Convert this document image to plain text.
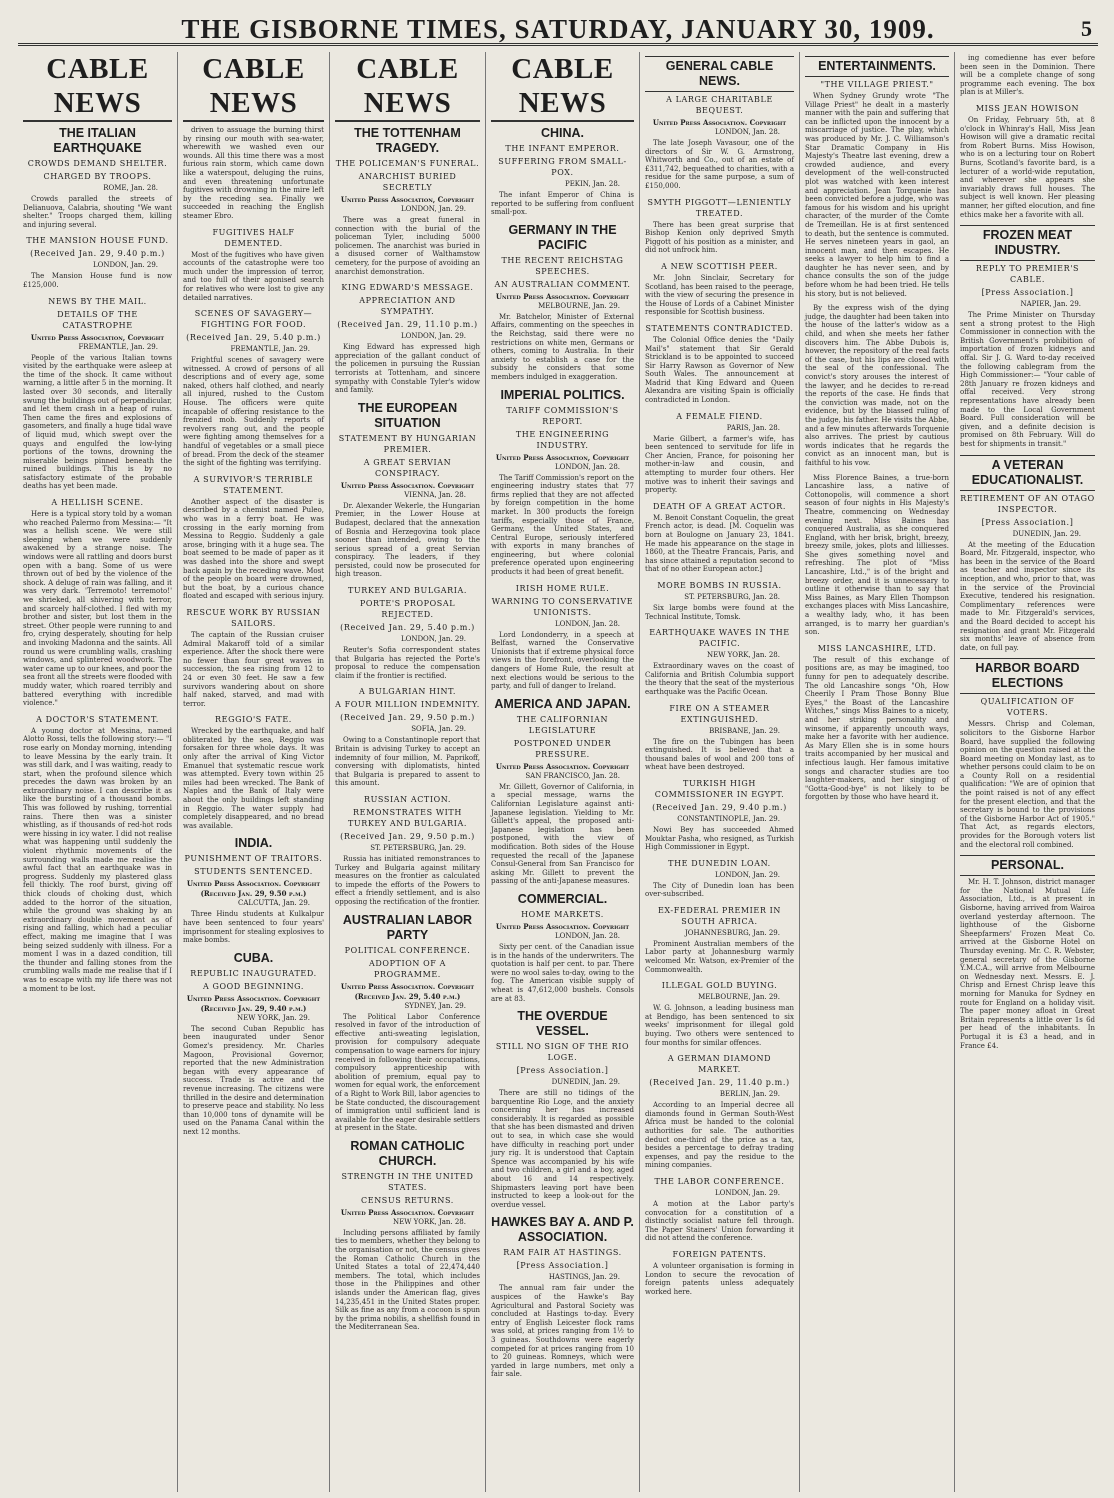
THE GISBORNE TIMES, SATURDAY, JANUARY 30, 1909.	5
CABLE NEWS
THE ITALIAN EARTHQUAKE
CROWDS DEMAND SHELTER.
CHARGED BY TROOPS.
ROME, Jan. 28.

Crowds paralled the streets of Delianuova, Calabria, shouting "We want shelter." Troops charged them, killing and injuring several.

THE MANSION HOUSE FUND.
(Received Jan. 29, 9.40 p.m.)
LONDON, Jan. 29.

The Mansion House fund is now £125,000.

NEWS BY THE MAIL.
DETAILS OF THE CATASTROPHE
United Press Association, Copyright
FREMANTLE, Jan. 29.

People of the various Italian towns visited by the earthquake were asleep at the time of the shock. It came without warning, a little after 5 in the morning. It lasted over 30 seconds, and literally swung the buildings out of perpendicular, and let them crash in a heap of ruins. Then came the fires and explosions of gasometers, and finally a huge tidal wave of liquid mud, which swept over the quays and engulfed the low-lying portions of the towns, drowning the miserable beings pinned beneath the ruined buildings. This is by no satisfactory estimate of the probable deaths has yet been made.

A HELLISH SCENE.

Here is a typical story told by a woman who reached Palermo from Messina:— "It was a hellish scene. We were still sleeping when we were suddenly awakened by a strange noise. The windows were all rattling and doors burst open with a bang. Some of us were thrown out of bed by the violence of the shock. A deluge of rain was falling, and it was very dark. 'Terremoto! terremoto!' we shrieked, all shivering with terror, and scarcely half-clothed. I fled with my brother and sister, but lost them in the street. Other people were running to and fro, crying desperately, shouting for help and invoking Madonna and the saints. All round us were crumbling walls, crashing windows, and splintered woodwork. The water came up to our knees, and poor the sea front all the streets were flooded with muddy water, which roared terribly and battered everything with incredible violence."

A DOCTOR'S STATEMENT.

A young doctor at Messina, named Alotto Rossi, tells the following story:— "I rose early on Monday morning, intending to leave Messina by the early train. It was still dark, and I was waiting, ready to start, when the profound silence which precedes the dawn was broken by an extraordinary noise. I can describe it as like the bursting of a thousand bombs. This was followed by rushing, torrential rains. There then was a sinister whistling, as if thousands of red-hot rods were hissing in icy water. I did not realise what was happening until suddenly the violent rhythmic movements of the surrounding walls made me realise the awful fact that an earthquake was in progress. Suddenly my plastered glass fell thickly. The roof burst, giving off thick clouds of choking dust, which added to the horror of the situation, while the ground was shaking by an extraordinary double movement as of rising and falling, which had a peculiar effect, making me imagine that I was being seized suddenly with illness. For a moment I was in a dazed condition, till the thunder and falling stones from the crumbling walls made me realise that if I was to escape with my life there was not a moment to be lost.

CABLE NEWS

driven to assuage the burning thirst by rinsing our mouth with sea-water, wherewith we washed even our wounds. All this time there was a most furious rain storm, which came down like a waterspout, deluging the ruins, and even threatening unfortunate fugitives with drowning in the mire left by the receding sea. Finally we succeeded in reaching the English steamer Ebro.

FUGITIVES HALF DEMENTED.

Most of the fugitives who have given accounts of the catastrophe were too much under the impression of terror, and too full of their agonised search for relatives who were lost to give any detailed narratives.

SCENES OF SAVAGERY—FIGHTING FOR FOOD.
(Received Jan. 29, 5.40 p.m.)
FREMANTLE, Jan. 29.

Frightful scenes of savagery were witnessed. A crowd of persons of all descriptions and of every age, some naked, others half clothed, and nearly all injured, rushed to the Custom House. The officers were quite incapable of offering resistance to the frenzied mob. Suddenly reports of revolvers rang out, and the people were fighting among themselves for a handful of vegetables or a small piece of bread. From the deck of the steamer the sight of the fighting was terrifying.

A SURVIVOR'S TERRIBLE STATEMENT.

Another aspect of the disaster is described by a chemist named Puleo, who was in a ferry boat. He was crossing in the early morning from Messina to Reggio. Suddenly a gale arose, bringing with it a huge sea. The boat seemed to be made of paper as it was dashed into the shore and swept back again by the receding wave. Most of the people on board were drowned, but the boat, by a curious chance floated and escaped with serious injury.

RESCUE WORK BY RUSSIAN SAILORS.

The captain of the Russian cruiser Admiral Makaroff told of a similar experience. After the shock there were no fewer than four great waves in succession, the sea rising from 12 to 24 or even 30 feet. He saw a few survivors wandering about on shore half naked, starved, and mad with terror.

REGGIO'S FATE.

Wrecked by the earthquake, and half obliterated by the sea, Reggio was forsaken for three whole days. It was only after the arrival of King Victor Emanuel that systematic rescue work was attempted. Every town within 25 miles had been wrecked. The Bank of Naples and the Bank of Italy were about the only buildings left standing in Reggio. The water supply had completely disappeared, and no bread was available.

INDIA.
PUNISHMENT OF TRAITORS.
STUDENTS SENTENCED.
United Press Association. Copyright (Received Jan. 29, 9.50 p.m.)
CALCUTTA, Jan. 29.

Three Hindu students at Kulkalpur have been sentenced to four years' imprisonment for stealing explosives to make bombs.

CUBA.
REPUBLIC INAUGURATED.
A GOOD BEGINNING.
United Press Association. Copyright (Received Jan. 29, 9.40 p.m.)
NEW YORK, Jan. 29.

The second Cuban Republic has been inaugurated under Senor Gomez's presidency. Mr. Charles Magoon, Provisional Governor, reported that the new Administration began with every appearance of success. Trade is active and the revenue increasing. The citizens were thrilled in the desire and determination to preserve peace and stability. No less than 10,000 tons of dynamite will be used on the Panama Canal within the next 12 months.

CABLE NEWS
THE TOTTENHAM TRAGEDY.
THE POLICEMAN'S FUNERAL.
ANARCHIST BURIED SECRETLY
United Press Association, Copyright
LONDON, Jan. 29.

There was a great funeral in connection with the burial of the policeman Tyler, including 5000 policemen. The anarchist was buried in a disused corner of Walthamstow cemetery, for the purpose of avoiding an anarchist demonstration.

KING EDWARD'S MESSAGE.
APPRECIATION AND SYMPATHY.
(Received Jan. 29, 11.10 p.m.)
LONDON, Jan. 29.

King Edward has expressed high appreciation of the gallant conduct of the policemen in pursuing the Russian terrorists at Tottenham, and sincere sympathy with Constable Tyler's widow and family.

THE EUROPEAN SITUATION
STATEMENT BY HUNGARIAN PREMIER.
A GREAT SERVIAN CONSPIRACY.
United Press Association. Copyright
VIENNA, Jan. 28.

Dr. Alexander Wekerle, the Hungarian Premier, in the Lower House at Budapest, declared that the annexation of Bosnia and Herzegovina took place sooner than intended, owing to the serious spread of a great Servian conspiracy. The leaders, if they persisted, could now be prosecuted for high treason.

TURKEY AND BULGARIA.
PORTE'S PROPOSAL REJECTED.
(Received Jan. 29, 5.40 p.m.)
LONDON, Jan. 29.

Reuter's Sofia correspondent states that Bulgaria has rejected the Porte's proposal to reduce the compensation claim if the frontier is rectified.

A BULGARIAN HINT.
A FOUR MILLION INDEMNITY.
(Received Jan. 29, 9.50 p.m.)
SOFIA, Jan. 29.

Owing to a Constantinople report that Britain is advising Turkey to accept an indemnity of four million, M. Paprikoff, conversing with diplomatists, hinted that Bulgaria is prepared to assent to this amount.

RUSSIAN ACTION.
REMONSTRATES WITH TURKEY AND BULGARIA.
(Received Jan. 29, 9.50 p.m.)
ST. PETERSBURG, Jan. 29.

Russia has initiated remonstrances to Turkey and Bulgaria against military measures on the frontier as calculated to impede the efforts of the Powers to effect a friendly settlement, and is also opposing the rectification of the frontier.

AUSTRALIAN LABOR PARTY
POLITICAL CONFERENCE.
ADOPTION OF A PROGRAMME.
United Press Association. Copyright (Received Jan. 29, 5.40 p.m.)
SYDNEY, Jan. 29.

The Political Labor Conference resolved in favor of the introduction of effective anti-sweating legislation, provision for compulsory adequate compensation to wage earners for injury received in following their occupations, compulsory apprenticeship with abolition of premium, equal pay to women for equal work, the enforcement of a Right to Work Bill, labor agencies to be State conducted, the discouragement of immigration until sufficient land is available for the eager desirable settlers at present in the State.

ROMAN CATHOLIC CHURCH.
STRENGTH IN THE UNITED STATES.
CENSUS RETURNS.
United Press Association. Copyright
NEW YORK, Jan. 28.

Including persons affiliated by family ties to members, whether they belong to the organisation or not, the census gives the Roman Catholic Church in the United States a total of 22,474,440 members. The total, which includes those in the Philippines and other islands under the American flag, gives 14,235,451 in the United States proper. Silk as fine as any from a cocoon is spun by the prima nobilis, a shellfish found in the Mediterranean Sea.

CABLE NEWS
CHINA.
THE INFANT EMPEROR.
SUFFERING FROM SMALL-POX.
PEKIN, Jan. 28.

The infant Emperor of China is reported to be suffering from confluent small-pox.

GERMANY IN THE PACIFIC
THE RECENT REICHSTAG SPEECHES.
AN AUSTRALIAN COMMENT.
United Press Association. Copyright
MELBOURNE, Jan. 29.

Mr. Batchelor, Minister of External Affairs, commenting on the speeches in the Reichstag, said there were no restrictions on white men, Germans or others, coming to Australia. In their anxiety to establish a case for the subsidy he considers that some members indulged in exaggeration.

IMPERIAL POLITICS.
TARIFF COMMISSION'S REPORT.
THE ENGINEERING INDUSTRY.
United Press Association, Copyright
LONDON, Jan. 28.

The Tariff Commission's report on the engineering industry states that 77 firms replied that they are not affected by foreign competition in the home market. In 300 products the foreign tariffs, especially those of France, Germany, the United States, and Central Europe, seriously interfered with exports in many branches of engineering, but where colonial preference operated upon engineering products it had been of great benefit.

IRISH HOME RULE.
WARNING TO CONSERVATIVE UNIONISTS.
LONDON, Jan. 28.

Lord Londonderry, in a speech at Belfast, warned the Conservative Unionists that if extreme physical force views in the forefront, overlooking the dangers of Home Rule, the result at next elections would be serious to the party, and full of danger to Ireland.

AMERICA AND JAPAN.
THE CALIFORNIAN LEGISLATURE
POSTPONED UNDER PRESSURE.
United Press Association. Copyright
SAN FRANCISCO, Jan. 28.

Mr. Gillett, Governor of California, in a special message, warns the Californian Legislature against anti-Japanese legislation. Yielding to Mr. Gillett's appeal, the proposed anti-Japanese legislation has been postponed, with the view of modification. Both sides of the House requested the recall of the Japanese Consul-General from San Francisco for asking Mr. Gillett to prevent the passing of the anti-Japanese measures.

COMMERCIAL.
HOME MARKETS.
United Press Association. Copyright
LONDON, Jan. 28.

Sixty per cent. of the Canadian issue is in the hands of the underwriters. The quotation is half per cent. to par. There were no wool sales to-day, owing to the fog. The American visible supply of wheat is 47,612,000 bushels. Consols are at 83.

THE OVERDUE VESSEL.
STILL NO SIGN OF THE RIO LOGE.
[Press Association.]
DUNEDIN, Jan. 29.

There are still no tidings of the barquentine Rio Loge, and the anxiety concerning her has increased considerably. It is regarded as possible that she has been dismasted and driven out to sea, in which case she would have difficulty in reaching port under jury rig. It is understood that Captain Spence was accompanied by his wife and two children, a girl and a boy, aged about 16 and 14 respectively. Shipmasters leaving port have been instructed to keep a look-out for the overdue vessel.

HAWKES BAY A. AND P. ASSOCIATION.
RAM FAIR AT HASTINGS.
[Press Association.]
HASTINGS, Jan. 29.

The annual ram fair under the auspices of the Hawke's Bay Agricultural and Pastoral Society was concluded at Hastings to-day. Every entry of English Leicester flock rams was sold, at prices ranging from 1½ to 3 guineas. Southdowns were eagerly competed for at prices ranging from 10 to 20 guineas. Romneys, which were yarded in large numbers, met only a fair sale.

GENERAL CABLE NEWS.
A LARGE CHARITABLE BEQUEST.
United Press Association. Copyright
LONDON, Jan. 28.

The late Joseph Vavasour, one of the directors of Sir W. G. Armstrong, Whitworth and Co., out of an estate of £311,742, bequeathed to charities, with a residue for the same purpose, a sum of £150,000.

SMYTH PIGGOTT—LENIENTLY TREATED.

There has been great surprise that Bishop Kenion only deprived Smyth Piggott of his position as a minister, and did not unfrock him.

A NEW SCOTTISH PEER.

Mr. John Sinclair, Secretary for Scotland, has been raised to the peerage, with the view of securing the presence in the House of Lords of a Cabinet Minister responsible for Scottish business.

STATEMENTS CONTRADICTED.

The Colonial Office denies the "Daily Mail's" statement that Sir Gerald Strickland is to be appointed to succeed Sir Harry Rawson as Governor of New South Wales. The announcement at Madrid that King Edward and Queen Alexandra are visiting Spain is officially contradicted in London.

A FEMALE FIEND.
PARIS, Jan. 28.

Marie Gilbert, a farmer's wife, has been sentenced to servitude for life in Cher Ancien, France, for poisoning her mother-in-law and cousin, and attempting to murder four others. Her motive was to inherit their savings and property.

DEATH OF A GREAT ACTOR.

M. Benoit Constant Coquelin, the great French actor, is dead. [M. Coquelin was born at Boulogne on January 23, 1841. He made his appearance on the stage in 1860, at the Theatre Francais, Paris, and has since attained a reputation second to that of no other European actor.]

MORE BOMBS IN RUSSIA.
ST. PETERSBURG, Jan. 28.

Six large bombs were found at the Technical Institute, Tomsk.

EARTHQUAKE WAVES IN THE PACIFIC.
NEW YORK, Jan. 28.

Extraordinary waves on the coast of California and British Columbia support the theory that the seat of the mysterious earthquake was the Pacific Ocean.

FIRE ON A STEAMER EXTINGUISHED.
BRISBANE, Jan. 29.

The fire on the Tubingen has been extinguished. It is believed that a thousand bales of wool and 200 tons of wheat have been destroyed.

TURKISH HIGH COMMISSIONER IN EGYPT.
(Received Jan. 29, 9.40 p.m.)
CONSTANTINOPLE, Jan. 29.

Nowi Bey has succeeded Ahmed Mouktar Pasha, who resigned, as Turkish High Commissioner in Egypt.

THE DUNEDIN LOAN.
LONDON, Jan. 29.

The City of Dunedin loan has been over-subscribed.

EX-FEDERAL PREMIER IN SOUTH AFRICA.
JOHANNESBURG, Jan. 29.

Prominent Australian members of the Labor party at Johannesburg warmly welcomed Mr. Watson, ex-Premier of the Commonwealth.

ILLEGAL GOLD BUYING.
MELBOURNE, Jan. 29.

W. G. Johnson, a leading business man at Bendigo, has been sentenced to six weeks' imprisonment for illegal gold buying. Two others were sentenced to four months for similar offences.

A GERMAN DIAMOND MARKET.
(Received Jan. 29, 11.40 p.m.)
BERLIN, Jan. 29.

According to an Imperial decree all diamonds found in German South-West Africa must be handed to the colonial authorities for sale. The authorities deduct one-third of the price as a tax, besides a percentage to defray trading expenses, and pay the residue to the mining companies.

THE LABOR CONFERENCE.
LONDON, Jan. 29.

A motion at the Labor party's convocation for a constitution of a distinctly socialist nature fell through. The Paper Stainers' Union forwarding it did not attend the conference.

FOREIGN PATENTS.

A volunteer organisation is forming in London to secure the revocation of foreign patents unless adequately worked here.

ENTERTAINMENTS.
"THE VILLAGE PRIEST."

When Sydney Grundy wrote "The Village Priest" he dealt in a masterly manner with the pain and suffering that can be inflicted upon the innocent by a miscarriage of justice. The play, which was produced by Mr. J. C. Williamson's Star Dramatic Company in His Majesty's Theatre last evening, drew a crowded audience, and every development of the well-constructed plot was watched with keen interest and appreciation. Jean Torquenie has been convicted before a judge, who was famous for his wisdom and his upright character, of the murder of the Comte de Tremeillan. He is at first sentenced to death, but the sentence is commuted. He serves nineteen years in gaol, an innocent man, and then escapes. He seeks a lawyer to help him to find a daughter he has never seen, and by chance consults the son of the judge before whom he had been tried. He tells his story, but is not believed.

By the express wish of the dying judge, the daughter had been taken into the house of the latter's widow as a child, and when she meets her father discovers him. The Abbe Dubois is, however, the repository of the real facts of the case, but his lips are closed with the seal of the confessional. The convict's story arouses the interest of the lawyer, and he decides to re-read the reports of the case. He finds that the conviction was made, not on the evidence, but by the biassed ruling of the judge, his father. He visits the Abbe, and a few minutes afterwards Torquenie also arrives. The priest by cautious words indicates that he regards the convict as an innocent man, but is faithful to his vow.

Miss Florence Baines, a true-born Lancashire lass, a native of Cottonopolis, will commence a short season of four nights in His Majesty's Theatre, commencing on Wednesday evening next. Miss Baines has conquered Australia, as she conquered England, with her brisk, bright, breezy, breezy smile, jokes, plots and lilliesses. She gives something novel and refreshing. The plot of "Miss Lancashire, Ltd.," is of the bright and breezy order, and it is unnecessary to outline it otherwise than to say that Miss Baines, as Mary Ellen Thompson exchanges places with Miss Lancashire, a wealthy lady, who, it has been arranged, is to marry her guardian's son.

MISS LANCASHIRE, LTD.

The result of this exchange of positions are, as may be imagined, too funny for pen to adequately describe. The old Lancashire songs "Oh, How Cheerily I Pram Those Bonny Blue Eyes," the Boast of the Lancashire Witches," sings Miss Baines to a nicety, and her striking personality and winsome, if apparently uncouth ways, make her a favorite with her audience. As Mary Ellen she is in some hours traits accompanied by her musical and infectious laugh. Her famous imitative songs and character studies are too laughter-makers, and her singing of "Gotta-Good-bye" is not likely to be forgotten by those who have heard it.

ing comedienne has ever before been seen in the Dominion. There will be a complete change of song programme each evening. The box plan is at Miller's.

MISS JEAN HOWISON

On Friday, February 5th, at 8 o'clock in Whinray's Hall, Miss Jean Howison will give a dramatic recital from Robert Burns. Miss Howison, who is on a lecturing tour on Robert Burns, Scotland's favorite bard, is a lecturer of a world-wide reputation, and wherever she appears she invariably draws full houses. The subject is well known. Her pleasing manner, her gifted elocution, and fine ethics make her a favorite with all.

FROZEN MEAT INDUSTRY.
REPLY TO PREMIER'S CABLE.
[Press Association.]
NAPIER, Jan. 29.

The Prime Minister on Thursday sent a strong protest to the High Commissioner in connection with the British Government's prohibition of importation of frozen kidneys and offal. Sir J. G. Ward to-day received the following cablegram from the High Commissioner:— "Your cable of 28th January re frozen kidneys and offal received. Very strong representations have already been made to the Local Government Board. Full consideration will be given, and a definite decision is promised on 8th February. Will do best for shipments in transit."

A VETERAN EDUCATIONALIST.
RETIREMENT OF AN OTAGO INSPECTOR.
[Press Association.]
DUNEDIN, Jan. 29.

At the meeting of the Education Board, Mr. Fitzgerald, inspector, who has been in the service of the Board as teacher and inspector since its inception, and who, prior to that, was in the service of the Provincial Executive, tendered his resignation. Complimentary references were made to Mr. Fitzgerald's services, and the Board decided to accept his resignation and grant Mr. Fitzgerald six months' leave of absence from date, on full pay.

HARBOR BOARD ELECTIONS
QUALIFICATION OF VOTERS.

Messrs. Chrisp and Coleman, solicitors to the Gisborne Harbor Board, have supplied the following opinion on the question raised at the Board meeting on Monday last, as to whether persons could claim to be on a County Roll on a residential qualification: "We are of opinion that the point raised is not of any effect for the present election, and that the secretary is bound to the provisions of the Gisborne Harbor Act of 1905." That Act, as regards electors, provides for the Borough voters list and the electoral roll combined.

PERSONAL.

Mr. H. T. Johnson, district manager for the National Mutual Life Association, Ltd., is at present in Gisborne, having arrived from Wairoa overland yesterday afternoon. The lighthouse of the Gisborne Sheepfarmers' Frozen Meat Co. arrived at the Gisborne Hotel on Thursday evening. Mr. C. R. Webster, general secretary of the Gisborne Y.M.C.A., will arrive from Melbourne on Wednesday next. Messrs. E. J. Chrisp and Ernest Chrisp leave this morning for Manuka for Sydney en route for England on a holiday visit. The paper money afloat in Great Britain represents a little over 1s 6d per head of the inhabitants. In Portugal it is £3 a head, and in France £4.
